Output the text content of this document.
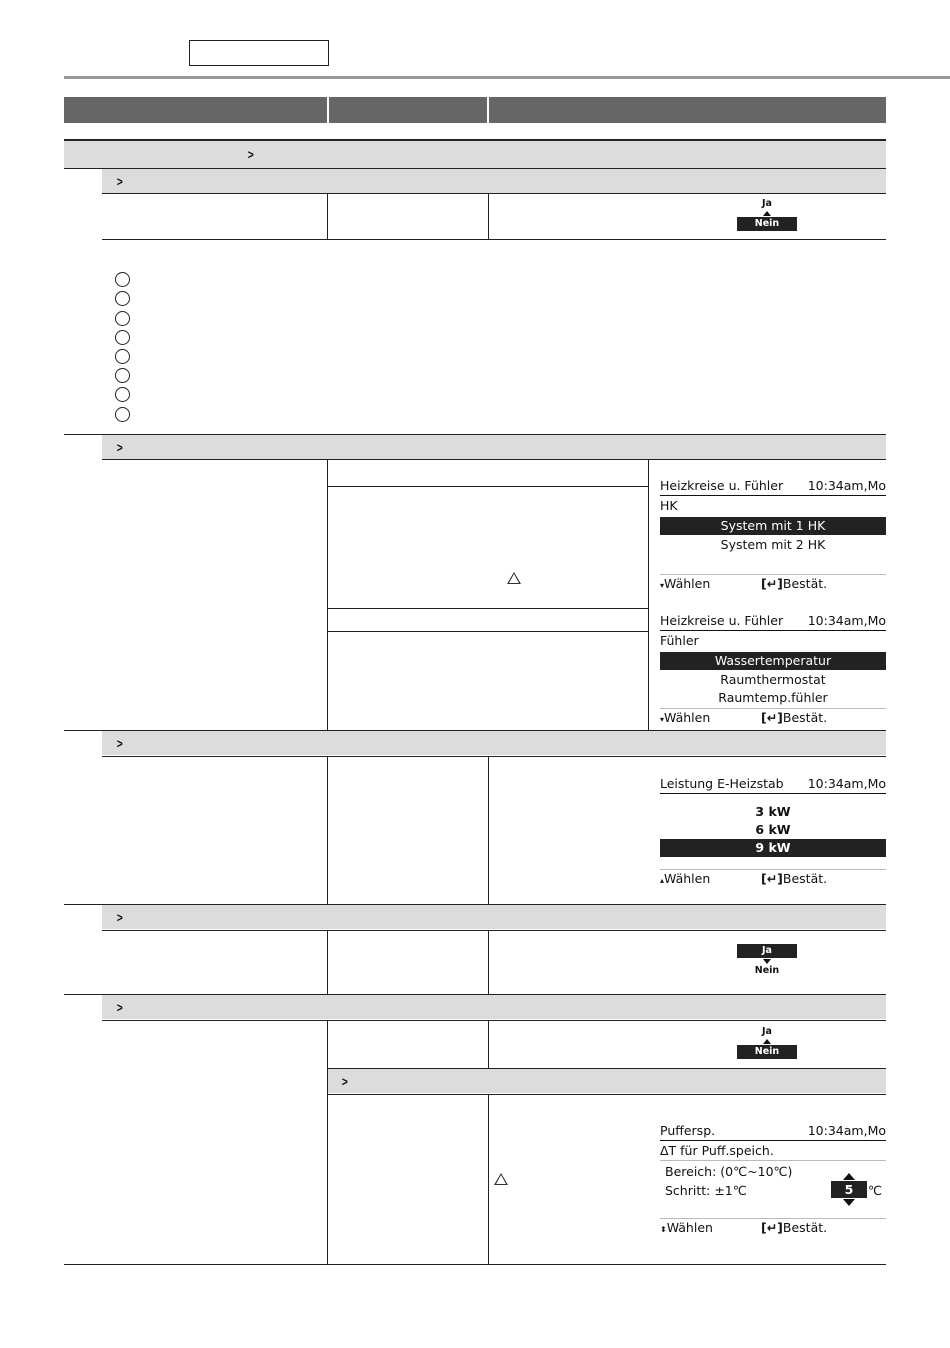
>
>
Ja
Nein
>
Heizkreise u. Fühler 10:34am,Mo
HK
System mit 1 HK
System mit 2 HK
▾Wählen	[↵]Bestät.
Heizkreise u. Fühler 10:34am,Mo
Fühler
Wassertemperatur
Raumthermostat
Raumtemp.fühler
▾Wählen	[↵]Bestät.
>
Leistung E-Heizstab 10:34am,Mo
3 kW
6 kW
9 kW
▴Wählen	[↵]Bestät.
>
Ja
Nein
>
Ja
Nein
>
Puffersp.	10:34am,Mo
ΔT für Puff.speich.
Bereich: (0℃~10℃)
Schritt: ±1℃	5	℃
⬍Wählen	[↵]Bestät.
